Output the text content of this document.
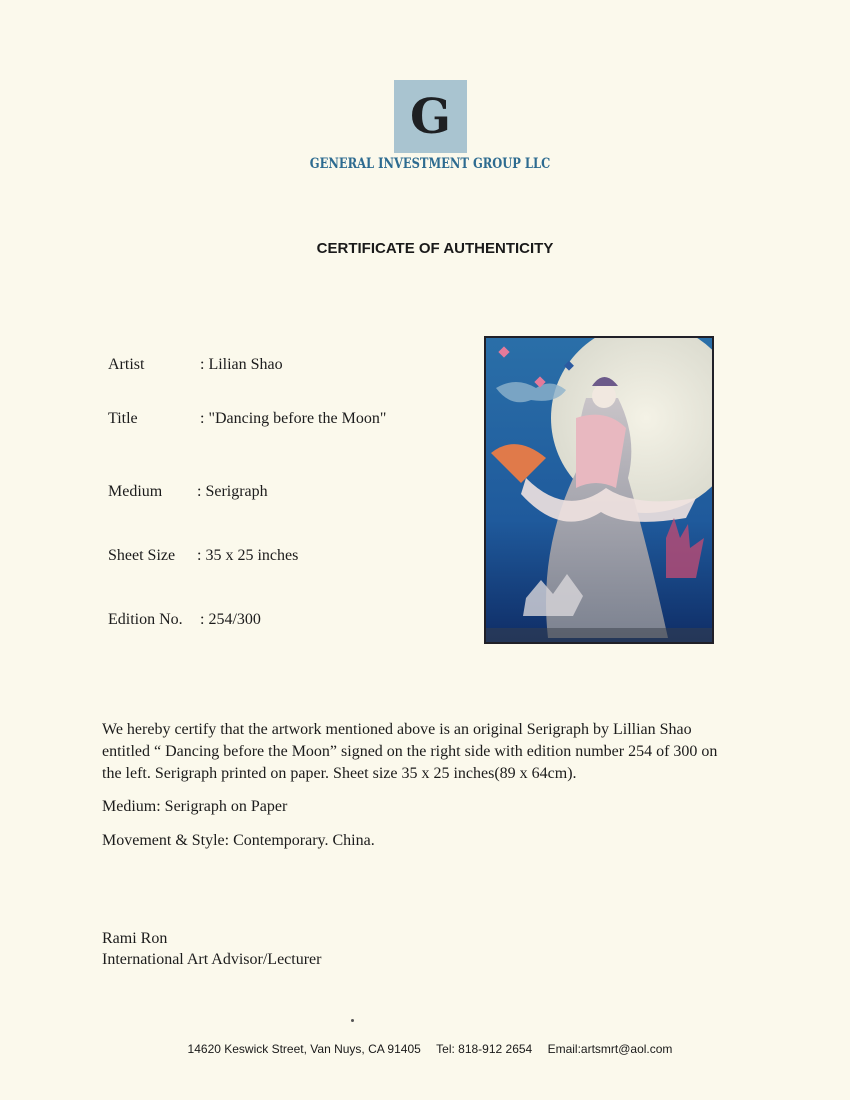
G
GENERAL INVESTMENT GROUP LLC
CERTIFICATE OF AUTHENTICITY
Artist	: Lilian Shao
Title	: "Dancing before the Moon"
Medium : Serigraph
Sheet Size : 35 x 25 inches
Edition No. : 254/300
We hereby certify that the artwork mentioned above is an original Serigraph by Lillian Shao
entitled “ Dancing before the Moon” signed on the right side with edition number 254 of 300 on
the left. Serigraph printed on paper. Sheet size 35 x 25 inches(89 x 64cm).
Medium: Serigraph on Paper
Movement & Style: Contemporary. China.
Rami Ron
International Art Advisor/Lecturer
14620 Keswick Street, Van Nuys, CA 91405 Tel: 818-912 2654 Email:artsmrt@aol.com
